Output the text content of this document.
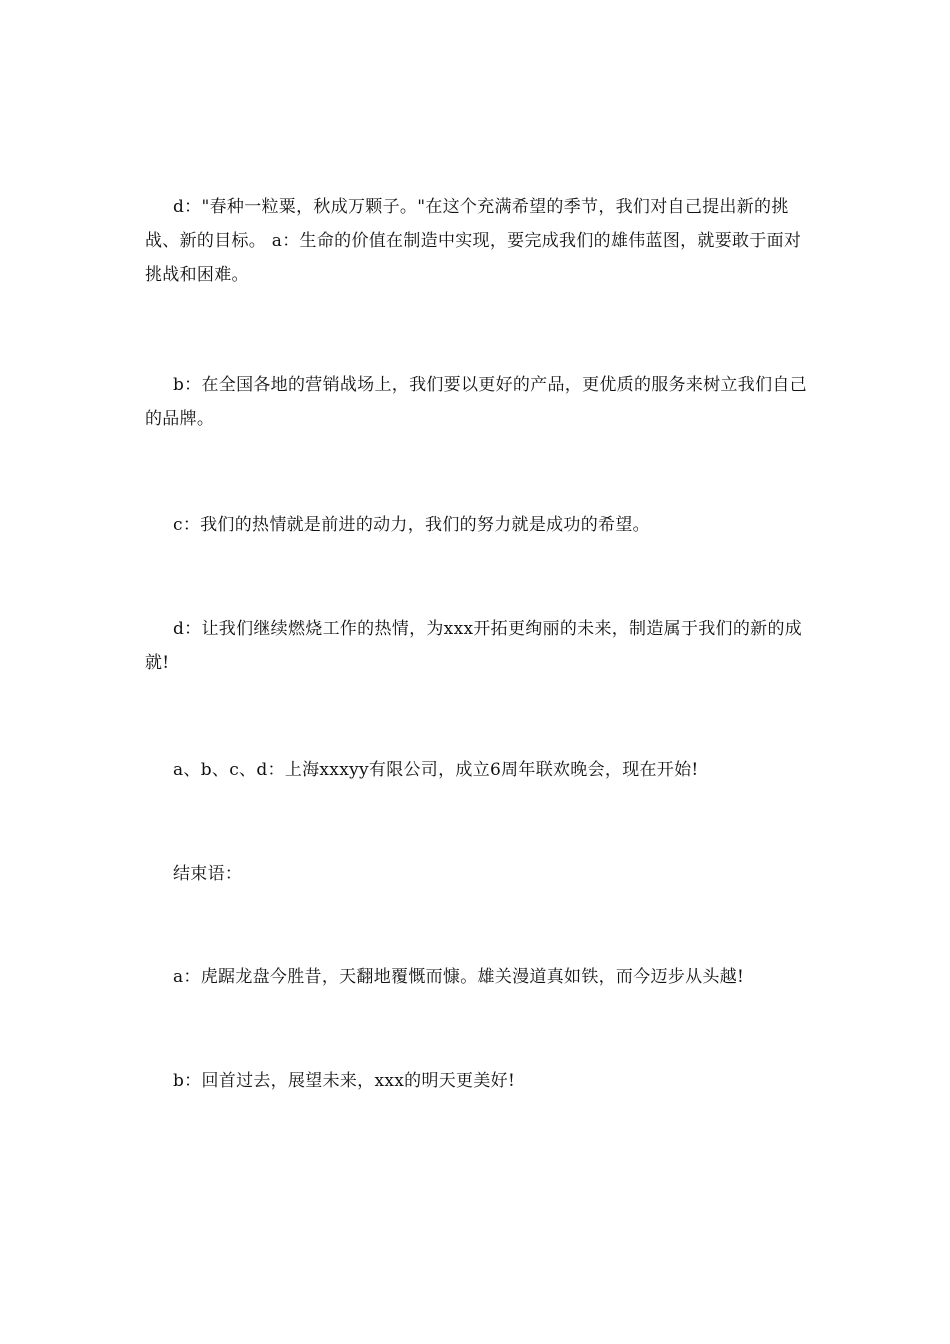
d："春种一粒粟，秋成万颗子。"在这个充满希望的季节，我们对自己提出新的挑战、新的目标。 a：生命的价值在制造中实现，要完成我们的雄伟蓝图，就要敢于面对挑战和困难。

b：在全国各地的营销战场上，我们要以更好的产品，更优质的服务来树立我们自己的品牌。

c：我们的热情就是前进的动力，我们的努力就是成功的希望。

d：让我们继续燃烧工作的热情，为xxx开拓更绚丽的未来，制造属于我们的新的成就!

a、b、c、d：上海xxxyy有限公司，成立6周年联欢晚会，现在开始!

结束语：

a：虎踞龙盘今胜昔，天翻地覆慨而慷。雄关漫道真如铁，而今迈步从头越!

b：回首过去，展望未来，xxx的明天更美好!
